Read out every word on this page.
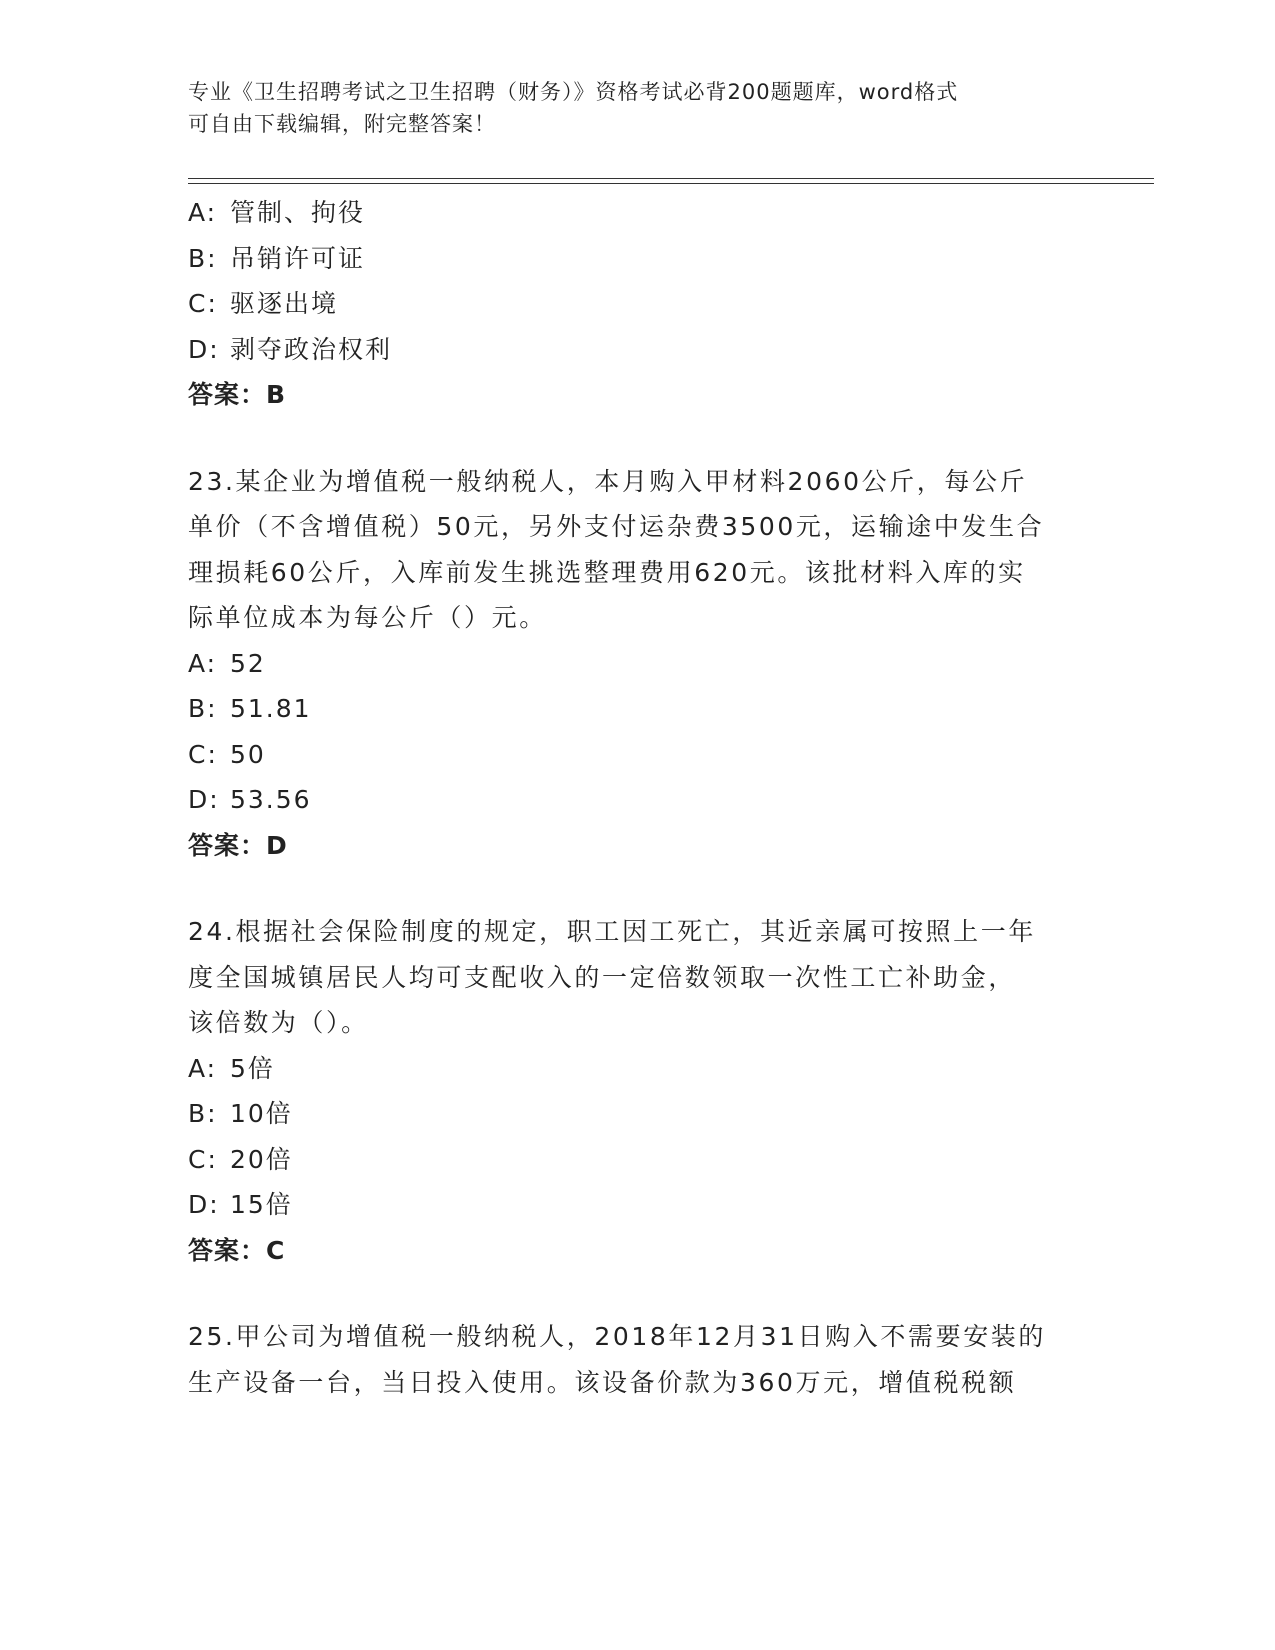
专业《卫生招聘考试之卫生招聘（财务）》资格考试必背200题题库，word格式
可自由下载编辑，附完整答案！
A: 管制、拘役
B: 吊销许可证
C: 驱逐出境
D: 剥夺政治权利
答案：B
23.某企业为增值税一般纳税人，本月购入甲材料2060公斤，每公斤
单价（不含增值税）50元，另外支付运杂费3500元，运输途中发生合
理损耗60公斤，入库前发生挑选整理费用620元。该批材料入库的实
际单位成本为每公斤（）元。
A: 52
B: 51.81
C: 50
D: 53.56
答案：D
24.根据社会保险制度的规定，职工因工死亡，其近亲属可按照上一年
度全国城镇居民人均可支配收入的一定倍数领取一次性工亡补助金，
该倍数为（）。
A: 5倍
B: 10倍
C: 20倍
D: 15倍
答案：C
25.甲公司为增值税一般纳税人，2018年12月31日购入不需要安装的
生产设备一台，当日投入使用。该设备价款为360万元，增值税税额
